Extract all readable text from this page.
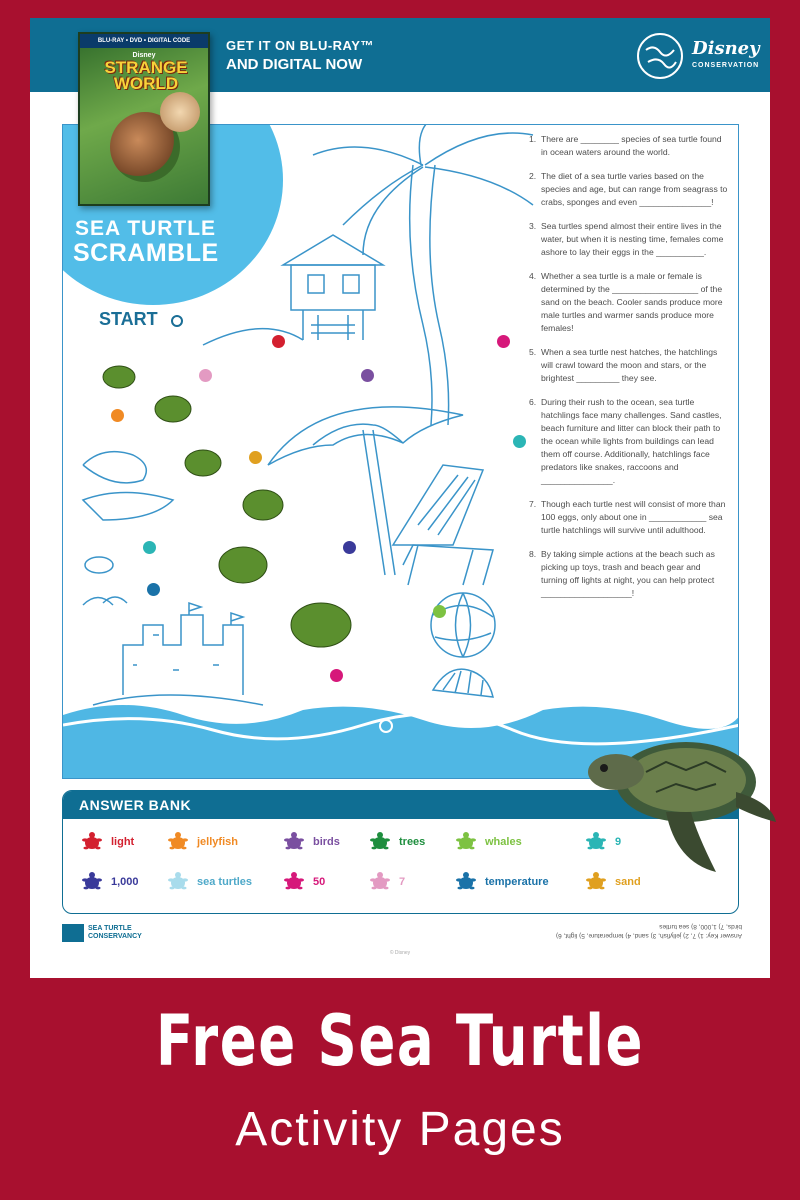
GET IT ON BLU-RAY™
AND DIGITAL NOW
Disney
CONSERVATION
SEA TURTLE
SCRAMBLE
START
1. There are ________ species of sea turtle found in ocean waters around the world.
2. The diet of a sea turtle varies based on the species and age, but can range from seagrass to crabs, sponges and even _______________!
3. Sea turtles spend almost their entire lives in the water, but when it is nesting time, females come ashore to lay their eggs in the __________.
4. Whether a sea turtle is a male or female is determined by the __________________ of the sand on the beach. Cooler sands produce more male turtles and warmer sands produce more females!
5. When a sea turtle nest hatches, the hatchlings will crawl toward the moon and stars, or the brightest _________ they see.
6. During their rush to the ocean, sea turtle hatchlings face many challenges. Sand castles, beach furniture and litter can block their path to the ocean while lights from buildings can lead them off course. Additionally, hatchlings face predators like snakes, raccoons and _______________.
7. Though each turtle nest will consist of more than 100 eggs, only about one in ____________ sea turtle hatchlings will survive until adulthood.
8. By taking simple actions at the beach such as picking up toys, trash and beach gear and turning off lights at night, you can help protect ___________________!
BLU-RAY • DVD • DIGITAL CODE
Disney
STRANGE WORLD
ANSWER BANK
light	jellyfish	birds	trees	whales	9
1,000	sea turtles	50	7	temperature	sand
SEA TURTLE
CONSERVANCY	Answer Key: 1) 7, 2) jellyfish, 3) sand, 4) temperature, 5) light, 6) birds, 7) 1,000, 8) sea turtles
© Disney
Free Sea Turtle
Activity Pages
